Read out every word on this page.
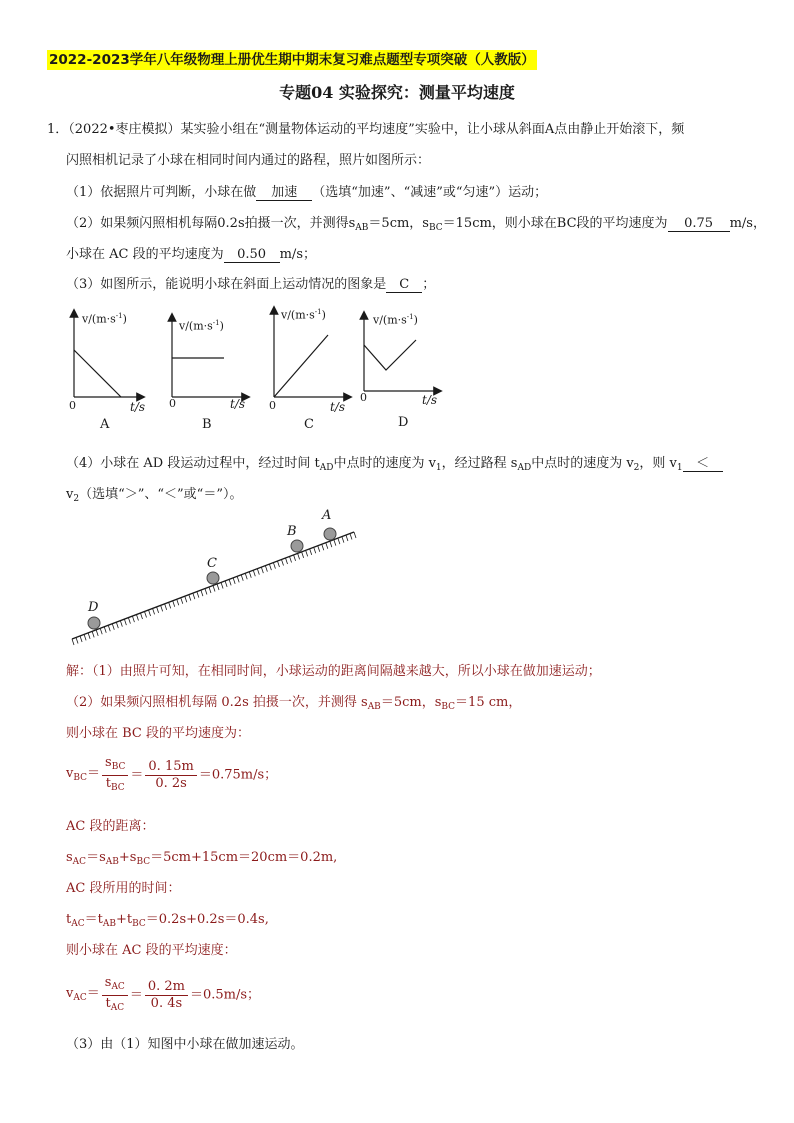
2022-2023学年八年级物理上册优生期中期末复习难点题型专项突破（人教版）
专题04 实验探究：测量平均速度
1．（2022•枣庄模拟）某实验小组在“测量物体运动的平均速度”实验中，让小球从斜面A点由静止开始滚下，频
闪照相机记录了小球在相同时间内通过的路程，照片如图所示：
（1）依据照片可判断，小球在做 加速 （选填“加速”、“减速”或“匀速”）运动；
（2）如果频闪照相机每隔0.2s拍摄一次，并测得$s_{AB}=5cm$，$s_{BC}=15cm$，则小球在BC段的平均速度为 0.75 m/s，
小球在 AC 段的平均速度为 0.50 m/s；
（3）如图所示，能说明小球在斜面上运动情况的图象是 C ；
$v/(m\cdot s^{-1})$
$v/(m\cdot s^{-1})$
$v/(m\cdot s^{-1})$	$v/(m\cdot s^{-1})$
0	0	0
0
t/s	t/s	t/s	t/s
A	B	C	D
（4）小球在 AD 段运动过程中，经过时间 $t_{AD}$中点时的速度为 $v_1$，经过路程 $s_{AD}$中点时的速度为 $v_2$，则 $v_1$ ＜
$v_2$（选填“＞”、“＜”或“＝”）。
A
B
C
D
解：（1）由照片可知，在相同时间，小球运动的距离间隔越来越大，所以小球在做加速运动；
（2）如果频闪照相机每隔 0.2s 拍摄一次，并测得 $s_{AB}=5cm$，$s_{BC}=15$ cm，
则小球在 BC 段的平均速度为：
$v_{BC}= \frac{s_{BC}}{t_{BC}} = \frac{0. 15m}{0. 2s} =0.75m/s$；
AC 段的距离：
$s_{AC}=s_{AB}+s_{BC}=5cm+15cm=20cm=0.2m$,
AC 段所用的时间：
$t_{AC}=t_{AB}+t_{BC}=0.2s+0.2s=0.4s$,
则小球在 AC 段的平均速度：
$v_{AC}= \frac{s_{AC}}{t_{AC}} = \frac{0. 2m}{0. 4s} =0.5m/s$；
（3）由（1）知图中小球在做加速运动。
